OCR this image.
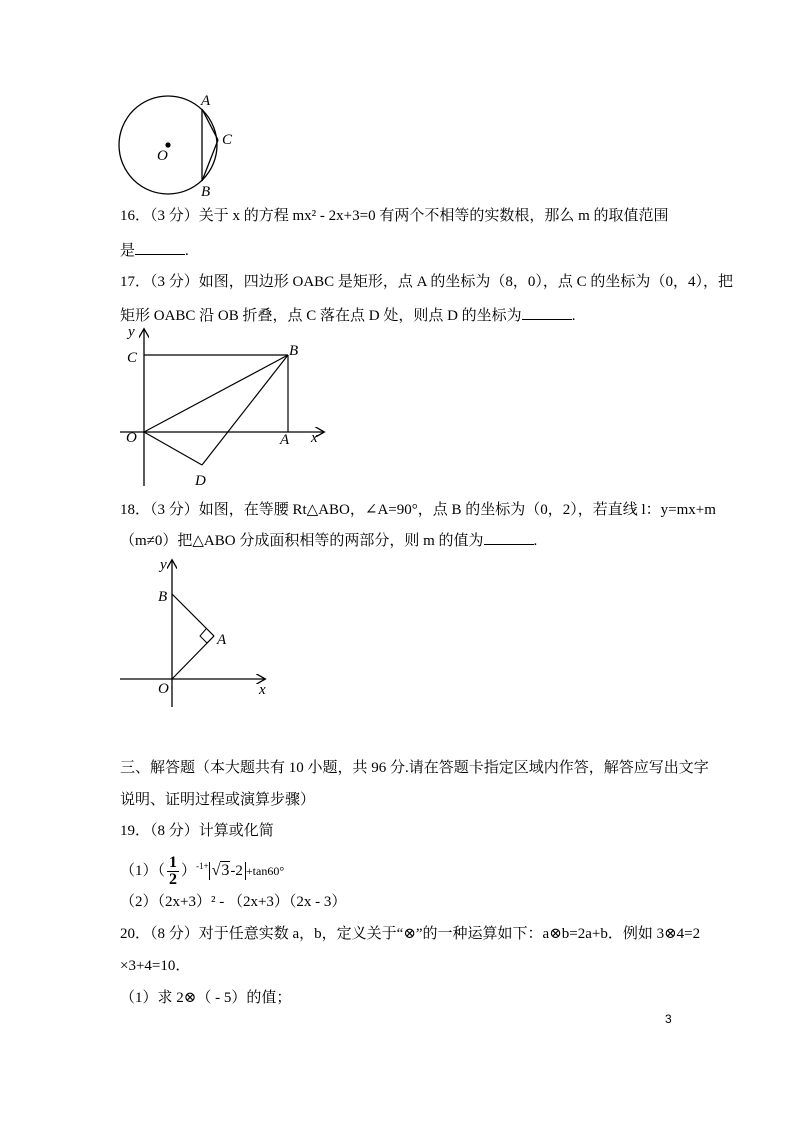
A
C
O
B
16．（3 分）关于 x 的方程 mx² - 2x+3=0 有两个不相等的实数根，那么 m 的取值范围
是	.
17．（3 分）如图，四边形 OABC 是矩形，点 A 的坐标为（8，0），点 C 的坐标为（0，4），把
矩形 OABC 沿 OB 折叠，点 C 落在点 D 处，则点 D 的坐标为	.
y
C	B
O	A x
D
18．（3 分）如图，在等腰 Rt△ABO，∠A=90°，点 B 的坐标为（0，2），若直线 l：y=mx+m
（m≠0）把△ABO 分成面积相等的两部分，则 m 的值为	.
y
B
A
O	x
三、解答题（本大题共有 10 小题，共 96 分.请在答题卡指定区域内作答，解答应写出文字
说明、证明过程或演算步骤）
19．（8 分）计算或化简
$(1)( \frac{1}{2} )^{-1+}$ √3-2 +tan60°
（2）（2x+3）² - （2x+3）（2x - 3）
20．（8 分）对于任意实数 a，b，定义关于“⊗”的一种运算如下：a⊗b=2a+b．例如 3⊗4=2
×3+4=10．
（1）求 2⊗（ - 5）的值；
3
